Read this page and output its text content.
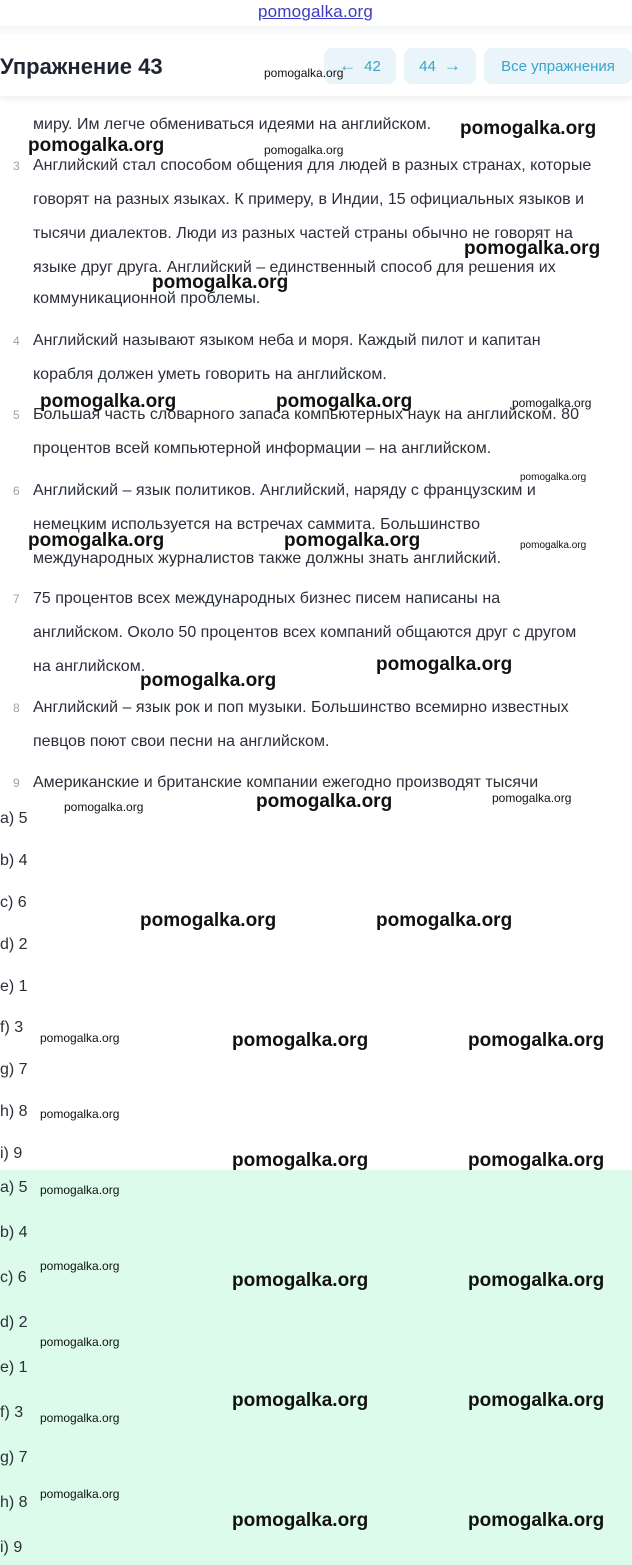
pomogalka.org
Упражнение 43	← 42	44 →	Все упражнения
миру. Им легче обмениваться идеями на английском.
3 Английский стал способом общения для людей в разных странах, которые
говорят на разных языках. К примеру, в Индии, 15 официальных языков и
тысячи диалектов. Люди из разных частей страны обычно не говорят на
языке друг друга. Английский – единственный способ для решения их
коммуникационной проблемы.
4 Английский называют языком неба и моря. Каждый пилот и капитан
корабля должен уметь говорить на английском.
5 Большая часть словарного запаса компьютерных наук на английском. 80
процентов всей компьютерной информации – на английском.
6 Английский – язык политиков. Английский, наряду с французским и
немецким используется на встречах саммита. Большинство
международных журналистов также должны знать английский.
7 75 процентов всех международных бизнес писем написаны на
английском. Около 50 процентов всех компаний общаются друг с другом
на английском.
8 Английский – язык рок и поп музыки. Большинство всемирно известных
певцов поют свои песни на английском.
9 Американские и британские компании ежегодно производят тысячи
a) 5
b) 4
c) 6
d) 2
e) 1
f) 3
g) 7
h) 8
i) 9
a) 5
b) 4
c) 6
d) 2
e) 1
f) 3
g) 7
h) 8
i) 9
pomogalka.org
pomogalka.org
pomogalka.org	pomogalka.org
pomogalka.org
pomogalka.org
pomogalka.org	pomogalka.org	pomogalka.org
pomogalka.org
pomogalka.org	pomogalka.org	pomogalka.org
pomogalka.org
pomogalka.org
pomogalka.org	pomogalka.org
pomogalka.org
pomogalka.org	pomogalka.org
pomogalka.org	pomogalka.org	pomogalka.org
pomogalka.org
pomogalka.org	pomogalka.org
pomogalka.org
pomogalka.org
pomogalka.org	pomogalka.org
pomogalka.org
pomogalka.org	pomogalka.org
pomogalka.org
pomogalka.org
pomogalka.org	pomogalka.org
